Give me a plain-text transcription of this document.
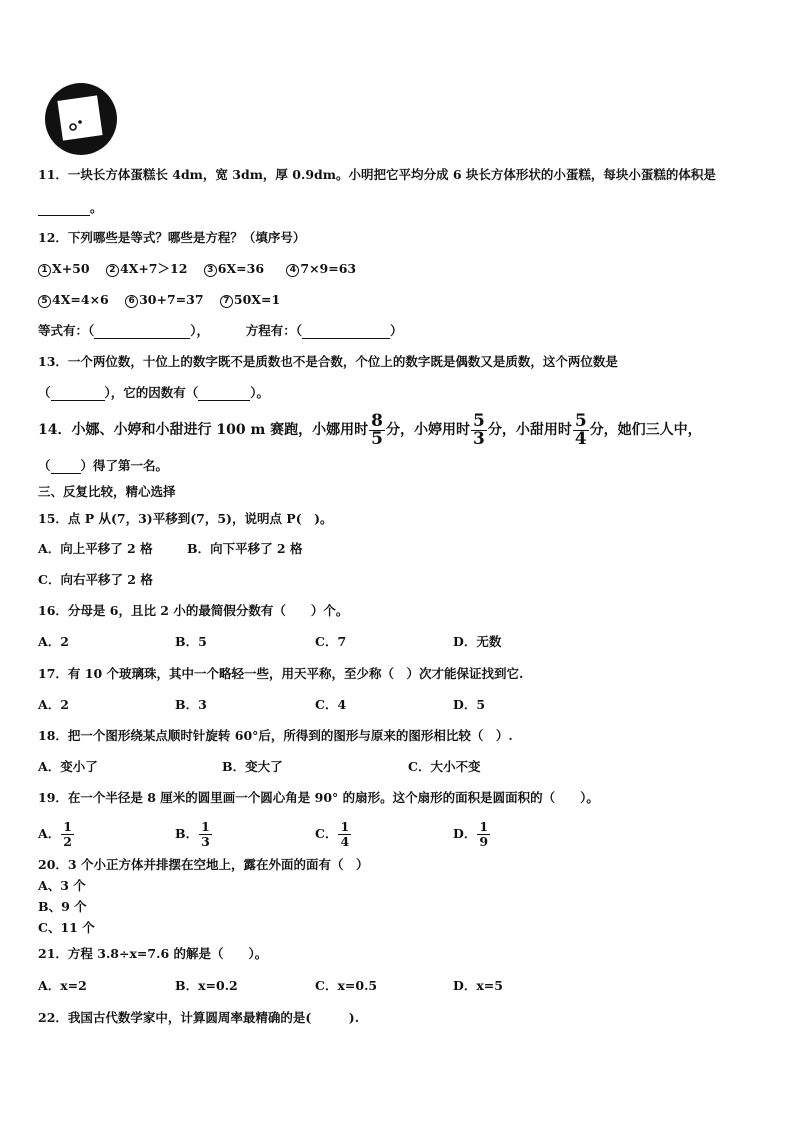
11．一块长方体蛋糕长 4dm，宽 3dm，厚 0.9dm。小明把它平均分成 6 块长方体形状的小蛋糕，每块小蛋糕的体积是
。
12．下列哪些是等式？哪些是方程？（填序号）
1 X+50 2 4X+7＞12 3 6X=36	4 7×9=63
5 4X=4×6 6 30+7=37 7 50X=1
等式有：（	），	方程有：（	）
13．一个两位数，十位上的数字既不是质数也不是合数，个位上的数字既是偶数又是质数，这个两位数是
（	），它的因数有（	）。
14．小娜、小婷和小甜进行 100 m 赛跑，小娜用时 $\frac{8}{5}$ 分，小婷用时 $\frac{5}{3}$ 分，小甜用时 $\frac{5}{4}$ 分，她们三人中，
（ ）得了第一名。
三、反复比较，精心选择
15．点 P 从(7，3)平移到(7，5)，说明点 P(　)。
A．向上平移了 2 格	B．向下平移了 2 格
C．向右平移了 2 格
16．分母是 6，且比 2 小的最简假分数有（　　）个。
A．2	B．5	C．7	D．无数
17．有 10 个玻璃珠，其中一个略轻一些，用天平称，至少称（　）次才能保证找到它.
A．2	B．3	C．4	D．5
18．把一个图形绕某点顺时针旋转 60°后，所得到的图形与原来的图形相比较（　）.
A．变小了	B．变大了	C．大小不变
19．在一个半径是 8 厘米的圆里画一个圆心角是 90° 的扇形。这个扇形的面积是圆面积的（　　）。
A． $\frac{1}{2}$	B． $\frac{1}{3}$	C． $\frac{1}{4}$	D． $\frac{1}{9}$
20．3 个小正方体并排摆在空地上，露在外面的面有（　）
A、3 个
B、9 个
C、11 个
21．方程 3.8÷x=7.6 的解是（　　）。
A．x=2	B．x=0.2	C．x=0.5	D．x=5
22．我国古代数学家中，计算圆周率最精确的是(　　　).
